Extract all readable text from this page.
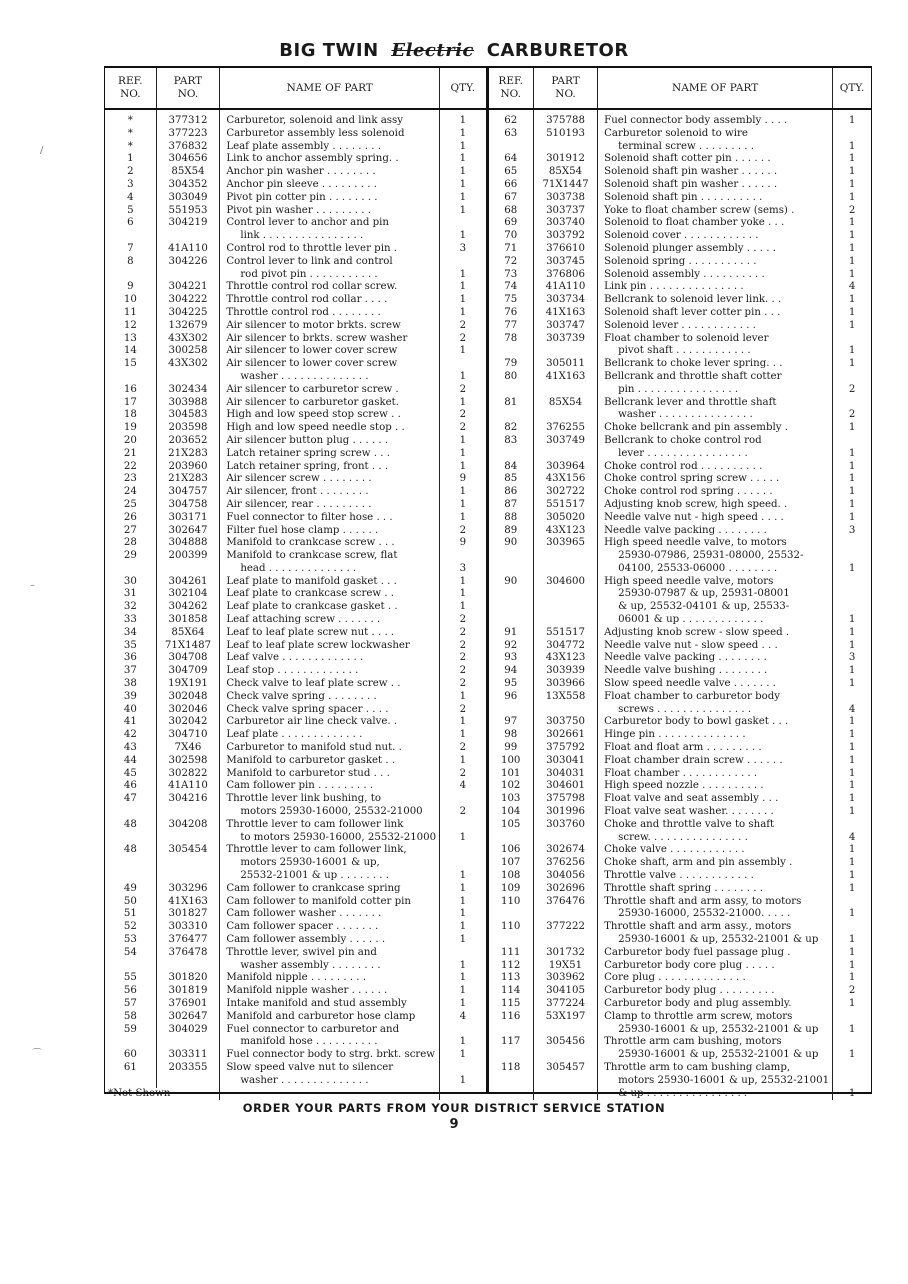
BIG TWIN Electric CARBURETOR
REF.
NO.	PART
NO.	NAME OF PART	QTY.
*	377312	Carburetor, solenoid and link assy	1
*	377223	Carburetor assembly less solenoid	1
*	376832	Leaf plate assembly . . . . . . . .	1
1	304656	Link to anchor assembly spring. .	1
2	85X54	Anchor pin washer . . . . . . . .	1
3	304352	Anchor pin sleeve . . . . . . . . .	1
4	303049	Pivot pin cotter pin . . . . . . . .	1
5	551953	Pivot pin washer . . . . . . . . .	1
6	304219	Control lever to anchor and pin
link . . . . . . . . . . . . . . . .	1
7	41A110	Control rod to throttle lever pin .	3
8	304226	Control lever to link and control
rod pivot pin . . . . . . . . . . .	1
9	304221	Throttle control rod collar screw.	1
10	304222	Throttle control rod collar . . . .	1
11	304225	Throttle control rod . . . . . . . .	1
12	132679	Air silencer to motor brkts. screw	2
13	43X302	Air silencer to brkts. screw washer	2
14	300258	Air silencer to lower cover screw	1
15	43X302	Air silencer to lower cover screw
washer . . . . . . . . . . . . . .	1
16	302434	Air silencer to carburetor screw .	2
17	303988	Air silencer to carburetor gasket.	1
18	304583	High and low speed stop screw . .	2
19	203598	High and low speed needle stop . .	2
20	203652	Air silencer button plug . . . . . .	1
21	21X283	Latch retainer spring screw . . .	1
22	203960	Latch retainer spring, front . . .	1
23	21X283	Air silencer screw . . . . . . . .	9
24	304757	Air silencer, front . . . . . . . .	1
25	304758	Air silencer, rear . . . . . . . . .	1
26	303171	Fuel connector to filter hose . . .	1
27	302647	Filter fuel hose clamp . . . . . .	2
28	304888	Manifold to crankcase screw . . .	9
29	200399	Manifold to crankcase screw, flat
head . . . . . . . . . . . . . .	3
30	304261	Leaf plate to manifold gasket . . .	1
31	302104	Leaf plate to crankcase screw . .	1
32	304262	Leaf plate to crankcase gasket . .	1
33	301858	Leaf attaching screw . . . . . . .	2
34	85X64	Leaf to leaf plate screw nut . . . .	2
35	71X1487	Leaf to leaf plate screw lockwasher	2
36	304708	Leaf valve . . . . . . . . . . . . .	2
37	304709	Leaf stop . . . . . . . . . . . . .	2
38	19X191	Check valve to leaf plate screw . .	2
39	302048	Check valve spring . . . . . . . .	1
40	302046	Check valve spring spacer . . . .	2
41	302042	Carburetor air line check valve. .	1
42	304710	Leaf plate . . . . . . . . . . . . .	1
43	7X46	Carburetor to manifold stud nut. .	2
44	302598	Manifold to carburetor gasket . .	1
45	302822	Manifold to carburetor stud . . .	2
46	41A110	Cam follower pin . . . . . . . . .	4
47	304216	Throttle lever link bushing, to
motors 25930-16000, 25532-21000	2
48	304208	Throttle lever to cam follower link
to motors 25930-16000, 25532-21000	1
48	305454	Throttle lever to cam follower link,
motors 25930-16001 & up,
25532-21001 & up . . . . . . . .	1
49	303296	Cam follower to crankcase spring	1
50	41X163	Cam follower to manifold cotter pin	1
51	301827	Cam follower washer . . . . . . .	1
52	303310	Cam follower spacer . . . . . . .	1
53	376477	Cam follower assembly . . . . . .	1
54	376478	Throttle lever, swivel pin and
washer assembly . . . . . . . .	1
55	301820	Manifold nipple . . . . . . . . .	1
56	301819	Manifold nipple washer . . . . . .	1
57	376901	Intake manifold and stud assembly	1
58	302647	Manifold and carburetor hose clamp	4
59	304029	Fuel connector to carburetor and
manifold hose . . . . . . . . . .	1
60	303311	Fuel connector body to strg. brkt. screw	1
61	203355	Slow speed valve nut to silencer
washer . . . . . . . . . . . . . .	1
*Not Shown			
REF.
NO.	PART
NO.	NAME OF PART	QTY.
62	375788	Fuel connector body assembly . . . .	1
63	510193	Carburetor solenoid to wire
terminal screw . . . . . . . . .	1
64	301912	Solenoid shaft cotter pin . . . . . .	1
65	85X54	Solenoid shaft pin washer . . . . . .	1
66	71X1447	Solenoid shaft pin washer . . . . . .	1
67	303738	Solenoid shaft pin . . . . . . . . . .	1
68	303737	Yoke to float chamber screw (sems) .	2
69	303740	Solenoid to float chamber yoke . . .	1
70	303792	Solenoid cover . . . . . . . . . . . .	1
71	376610	Solenoid plunger assembly . . . . .	1
72	303745	Solenoid spring . . . . . . . . . . .	1
73	376806	Solenoid assembly . . . . . . . . . .	1
74	41A110	Link pin . . . . . . . . . . . . . . .	4
75	303734	Bellcrank to solenoid lever link. . .	1
76	41X163	Solenoid shaft lever cotter pin . . .	1
77	303747	Solenoid lever . . . . . . . . . . . .	1
78	303739	Float chamber to solenoid lever
pivot shaft . . . . . . . . . . . .	1
79	305011	Bellcrank to choke lever spring. . .	1
80	41X163	Bellcrank and throttle shaft cotter
pin . . . . . . . . . . . . . . . .	2
81	85X54	Bellcrank lever and throttle shaft
washer . . . . . . . . . . . . . . .	2
82	376255	Choke bellcrank and pin assembly .	1
83	303749	Bellcrank to choke control rod
lever . . . . . . . . . . . . . . . .	1
84	303964	Choke control rod . . . . . . . . . .	1
85	43X156	Choke control spring screw . . . . .	1
86	302722	Choke control rod spring . . . . . .	1
87	551517	Adjusting knob screw, high speed. .	1
88	305020	Needle valve nut - high speed . . . .	1
89	43X123	Needle valve packing . . . . . . . .	3
90	303965	High speed needle valve, to motors
25930-07986, 25931-08000, 25532-
04100, 25533-06000 . . . . . . . .	1
90	304600	High speed needle valve, motors
25930-07987 & up, 25931-08001
& up, 25532-04101 & up, 25533-
06001 & up . . . . . . . . . . . . .	1
91	551517	Adjusting knob screw - slow speed .	1
92	304772	Needle valve nut - slow speed . . .	1
93	43X123	Needle valve packing . . . . . . . .	3
94	303939	Needle valve bushing . . . . . . . .	1
95	303966	Slow speed needle valve . . . . . . .	1
96	13X558	Float chamber to carburetor body
screws . . . . . . . . . . . . . . .	4
97	303750	Carburetor body to bowl gasket . . .	1
98	302661	Hinge pin . . . . . . . . . . . . . .	1
99	375792	Float and float arm . . . . . . . . .	1
100	303041	Float chamber drain screw . . . . . .	1
101	304031	Float chamber . . . . . . . . . . . .	1
102	304601	High speed nozzle . . . . . . . . . .	1
103	375798	Float valve and seat assembly . . .	1
104	301996	Float valve seat washer. . . . . . . .	1
105	303760	Choke and throttle valve to shaft
screw. . . . . . . . . . . . . . . .	4
106	302674	Choke valve . . . . . . . . . . . .	1
107	376256	Choke shaft, arm and pin assembly .	1
108	304056	Throttle valve . . . . . . . . . . . .	1
109	302696	Throttle shaft spring . . . . . . . .	1
110	376476	Throttle shaft and arm assy, to motors
25930-16000, 25532-21000. . . . .	1
110	377222	Throttle shaft and arm assy., motors
25930-16001 & up, 25532-21001 & up	1
111	301732	Carburetor body fuel passage plug .	1
112	19X51	Carburetor body core plug . . . . .	1
113	303962	Core plug . . . . . . . . . . . . . .	1
114	304105	Carburetor body plug . . . . . . . . .	2
115	377224	Carburetor body and plug assembly.	1
116	53X197	Clamp to throttle arm screw, motors
25930-16001 & up, 25532-21001 & up	1
117	305456	Throttle arm cam bushing, motors
25930-16001 & up, 25532-21001 & up	1
118	305457	Throttle arm to cam bushing clamp,
motors 25930-16001 & up, 25532-21001
& up . . . . . . . . . . . . . . . .	1
ORDER YOUR PARTS FROM YOUR DISTRICT SERVICE STATION
9
/
–
⌒
